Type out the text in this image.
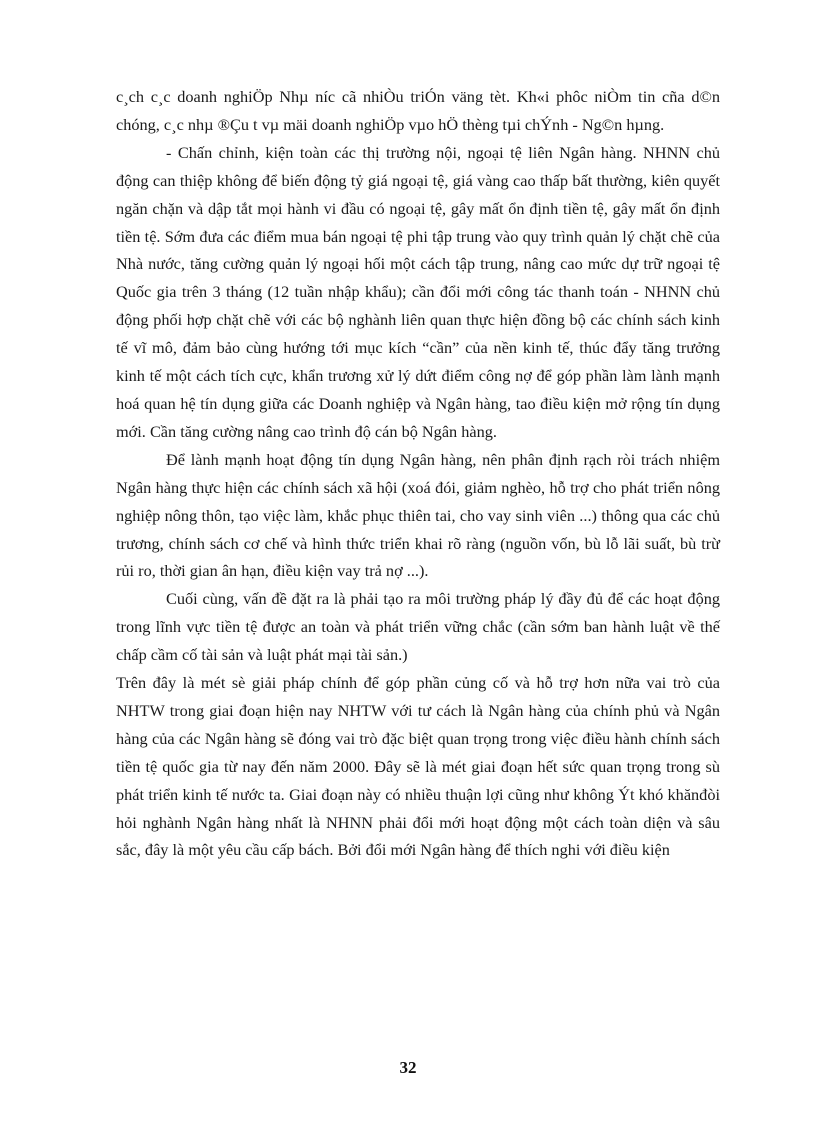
c¸ch c¸c doanh nghiÖp Nhµ níc cã nhiÒu triÓn väng tèt. Kh«i phôc niÒm tin cña d©n chóng, c¸c nhµ ®Çu t vµ mäi doanh nghiÖp vµo hÖ thèng tµi chÝnh - Ng©n hµng.

- Chấn chỉnh, kiện toàn các thị trường nội, ngoại tệ liên Ngân hàng. NHNN chủ động can thiệp không để biến động tỷ giá ngoại tệ, giá vàng cao thấp bất thường, kiên quyết ngăn chặn và dập tắt mọi hành vi đầu có ngoại tệ, gây mất ổn định tiền tệ, gây mất ổn định tiền tệ. Sớm đưa các điểm mua bán ngoại tệ phi tập trung vào quy trình quản lý chặt chẽ của Nhà nước, tăng cường quản lý ngoại hối một cách tập trung, nâng cao mức dự trữ ngoại tệ Quốc gia trên 3 tháng (12 tuần nhập khẩu); cần đổi mới công tác thanh toán - NHNN chủ động phối hợp chặt chẽ với các bộ nghành liên quan thực hiện đồng bộ các chính sách kinh tế vĩ mô, đảm bảo cùng hướng tới mục kích “cần” của nền kinh tế, thúc đẩy tăng trưởng kinh tế một cách tích cực, khẩn trương xử lý dứt điểm công nợ để góp phần làm lành mạnh hoá quan hệ tín dụng giữa các Doanh nghiệp và Ngân hàng, tao điều kiện mở rộng tín dụng mới. Cần tăng cường nâng cao trình độ cán bộ Ngân hàng.

Để lành mạnh hoạt động tín dụng Ngân hàng, nên phân định rạch ròi trách nhiệm Ngân hàng thực hiện các chính sách xã hội (xoá đói, giảm nghèo, hỗ trợ cho phát triển nông nghiệp nông thôn, tạo việc làm, khắc phục thiên tai, cho vay sinh viên ...) thông qua các chủ trương, chính sách cơ chế và hình thức triển khai rõ ràng (nguồn vốn, bù lỗ lãi suất, bù trừ rủi ro, thời gian ân hạn, điều kiện vay trả nợ ...).

Cuối cùng, vấn đề đặt ra là phải tạo ra môi trường pháp lý đầy đủ để các hoạt động trong lĩnh vực tiền tệ được an toàn và phát triển vững chắc (cần sớm ban hành luật về thế chấp cầm cố tài sản và luật phát mại tài sản.)

Trên đây là mét sè giải pháp chính để góp phần củng cố và hỗ trợ hơn nữa vai trò của NHTW trong giai đoạn hiện nay NHTW với tư cách là Ngân hàng của chính phủ và Ngân hàng của các Ngân hàng sẽ đóng vai trò đặc biệt quan trọng trong việc điều hành chính sách tiền tệ quốc gia từ nay đến năm 2000. Đây sẽ là mét giai đoạn hết sức quan trọng trong sù phát triển kinh tế nước ta. Giai đoạn này có nhiều thuận lợi cũng như không Ýt khó khănđòi hỏi nghành Ngân hàng nhất là NHNN phải đổi mới hoạt động một cách toàn diện và sâu sắc, đây là một yêu cầu cấp bách. Bởi đổi mới Ngân hàng để thích nghi với điều kiện

32
